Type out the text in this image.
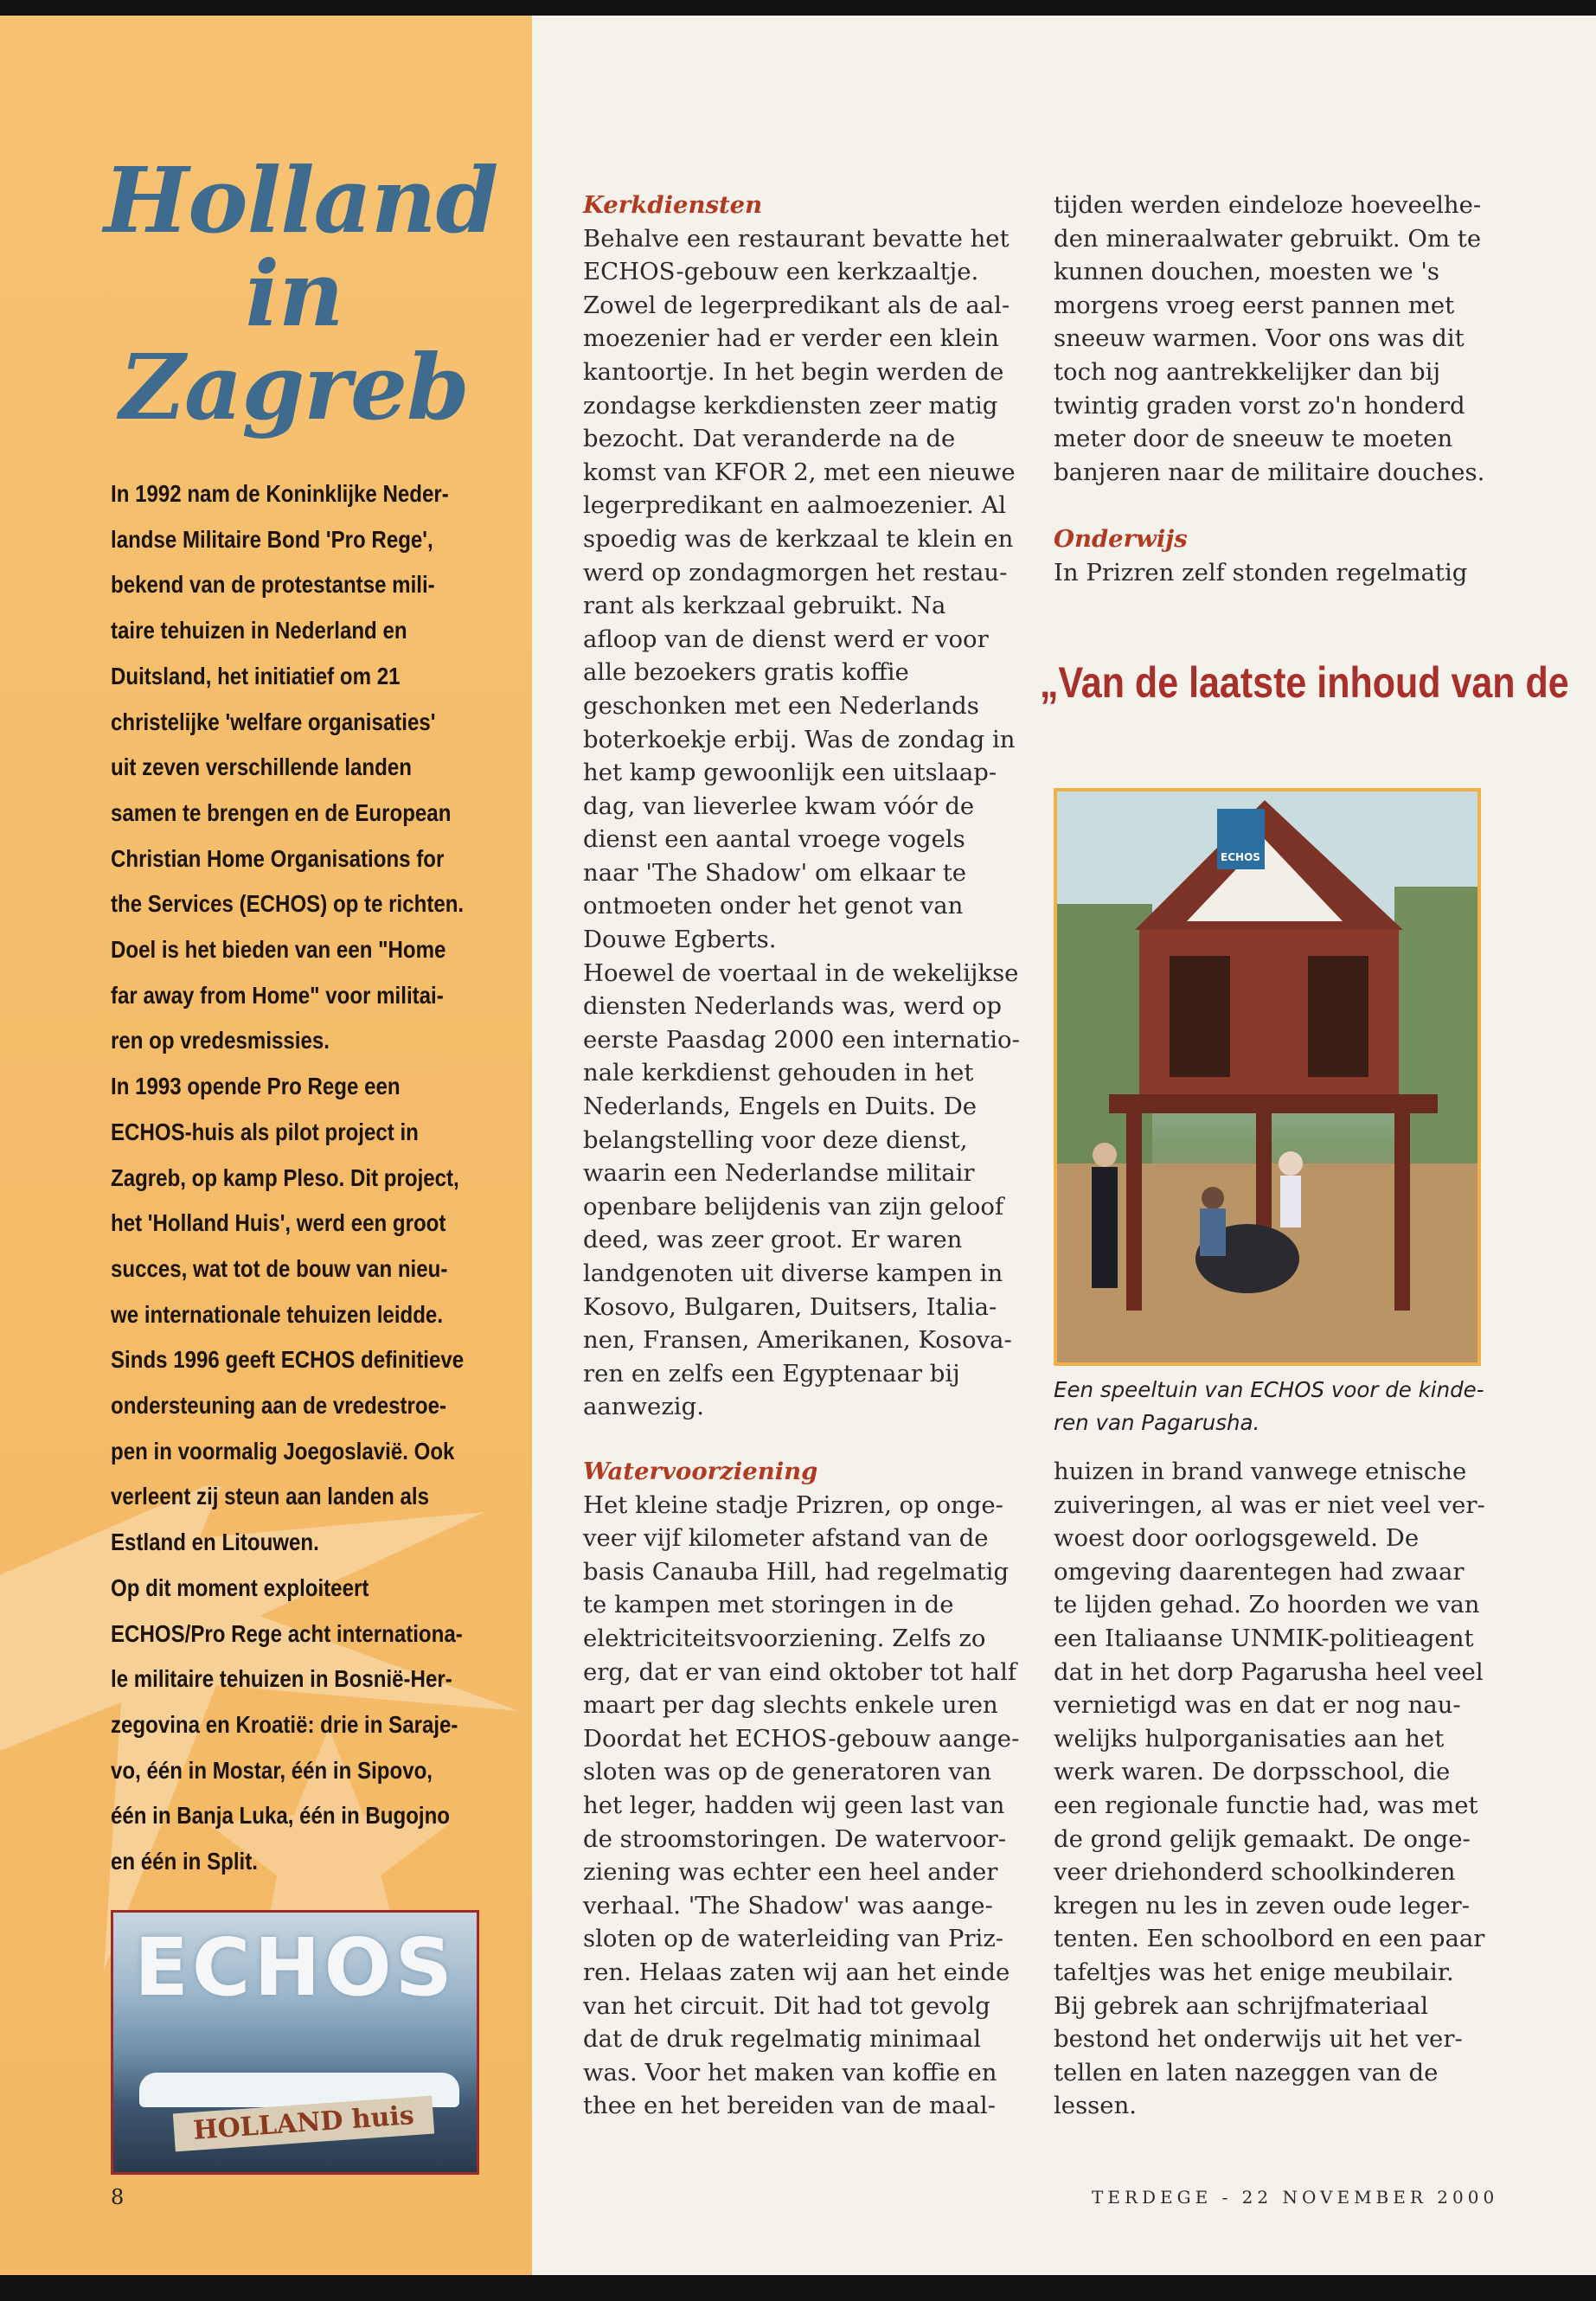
Holland
in
Zagreb

In 1992 nam de Koninklijke Neder-

landse Militaire Bond 'Pro Rege',

bekend van de protestantse mili-

taire tehuizen in Nederland en

Duitsland, het initiatief om 21

christelijke 'welfare organisaties'

uit zeven verschillende landen

samen te brengen en de European

Christian Home Organisations for

the Services (ECHOS) op te richten.

Doel is het bieden van een "Home

far away from Home" voor militai-

ren op vredesmissies.

In 1993 opende Pro Rege een

ECHOS-huis als pilot project in

Zagreb, op kamp Pleso. Dit project,

het 'Holland Huis', werd een groot

succes, wat tot de bouw van nieu-

we internationale tehuizen leidde.

Sinds 1996 geeft ECHOS definitieve

ondersteuning aan de vredestroe-

pen in voormalig Joegoslavië. Ook

verleent zij steun aan landen als

Estland en Litouwen.

Op dit moment exploiteert

ECHOS/Pro Rege acht internationa-

le militaire tehuizen in Bosnië-Her-

zegovina en Kroatië: drie in Saraje-

vo, één in Mostar, één in Sipovo,

één in Banja Luka, één in Bugojno

en één in Split.

ECHOS
HOLLAND huis
8
Kerkdiensten
Behalve een restaurant bevatte het
ECHOS-gebouw een kerkzaaltje.
Zowel de legerpredikant als de aal-
moezenier had er verder een klein
kantoortje. In het begin werden de
zondagse kerkdiensten zeer matig
bezocht. Dat veranderde na de
komst van KFOR 2, met een nieuwe
legerpredikant en aalmoezenier. Al
spoedig was de kerkzaal te klein en
werd op zondagmorgen het restau-
rant als kerkzaal gebruikt. Na
afloop van de dienst werd er voor
alle bezoekers gratis koffie
geschonken met een Nederlands
boterkoekje erbij. Was de zondag in
het kamp gewoonlijk een uitslaap-
dag, van lieverlee kwam vóór de
dienst een aantal vroege vogels
naar 'The Shadow' om elkaar te
ontmoeten onder het genot van
Douwe Egberts.
Hoewel de voertaal in de wekelijkse
diensten Nederlands was, werd op
eerste Paasdag 2000 een internatio-
nale kerkdienst gehouden in het
Nederlands, Engels en Duits. De
belangstelling voor deze dienst,
waarin een Nederlandse militair
openbare belijdenis van zijn geloof
deed, was zeer groot. Er waren
landgenoten uit diverse kampen in
Kosovo, Bulgaren, Duitsers, Italia-
nen, Fransen, Amerikanen, Kosova-
ren en zelfs een Egyptenaar bij
aanwezig.
Watervoorziening
Het kleine stadje Prizren, op onge-
veer vijf kilometer afstand van de
basis Canauba Hill, had regelmatig
te kampen met storingen in de
elektriciteitsvoorziening. Zelfs zo
erg, dat er van eind oktober tot half
maart per dag slechts enkele uren
Doordat het ECHOS-gebouw aange-
sloten was op de generatoren van
het leger, hadden wij geen last van
de stroomstoringen. De watervoor-
ziening was echter een heel ander
verhaal. 'The Shadow' was aange-
sloten op de waterleiding van Priz-
ren. Helaas zaten wij aan het einde
van het circuit. Dit had tot gevolg
dat de druk regelmatig minimaal
was. Voor het maken van koffie en
thee en het bereiden van de maal-
tijden werden eindeloze hoeveelhe-
den mineraalwater gebruikt. Om te
kunnen douchen, moesten we 's
morgens vroeg eerst pannen met
sneeuw warmen. Voor ons was dit
toch nog aantrekkelijker dan bij
twintig graden vorst zo'n honderd
meter door de sneeuw te moeten
banjeren naar de militaire douches.
Onderwijs
In Prizren zelf stonden regelmatig
„Van de laatste inhoud van de
ECHOS
Een speeltuin van ECHOS voor de kinde-
ren van Pagarusha.
huizen in brand vanwege etnische
zuiveringen, al was er niet veel ver-
woest door oorlogsgeweld. De
omgeving daarentegen had zwaar
te lijden gehad. Zo hoorden we van
een Italiaanse UNMIK-politieagent
dat in het dorp Pagarusha heel veel
vernietigd was en dat er nog nau-
welijks hulporganisaties aan het
werk waren. De dorpsschool, die
een regionale functie had, was met
de grond gelijk gemaakt. De onge-
veer driehonderd schoolkinderen
kregen nu les in zeven oude leger-
tenten. Een schoolbord en een paar
tafeltjes was het enige meubilair.
Bij gebrek aan schrijfmateriaal
bestond het onderwijs uit het ver-
tellen en laten nazeggen van de
lessen.
TERDEGE - 22 NOVEMBER 2000
